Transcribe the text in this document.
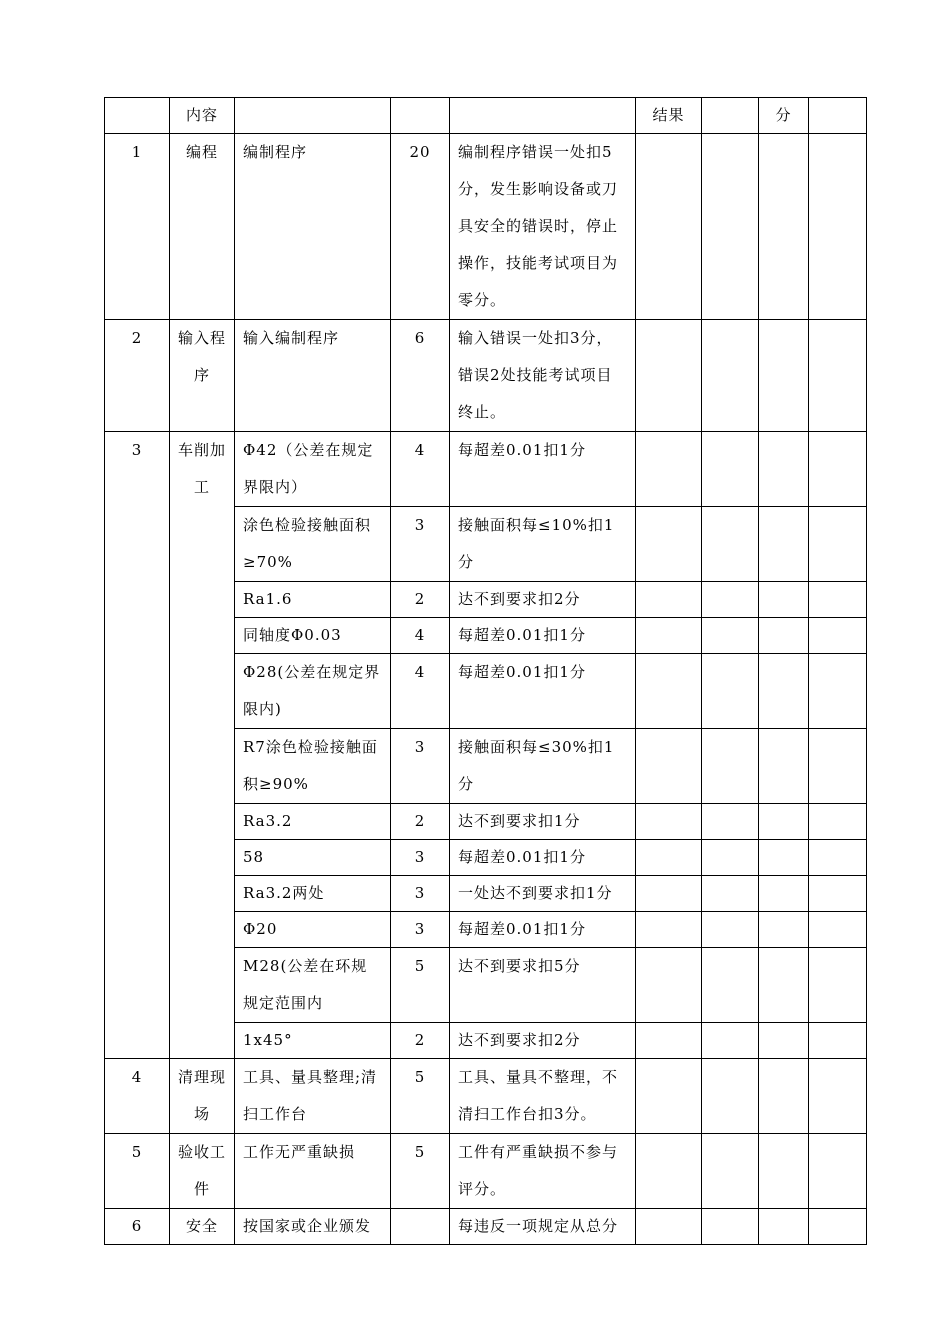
	内容				结果		分	
1	编程	编制程序	20	编制程序错误一处扣5分，发生影响设备或刀具安全的错误时，停止操作，技能考试项目为零分。				
2	输入程序	输入编制程序	6	输入错误一处扣3分，错误2处技能考试项目终止。				
3	车削加工	Φ42（公差在规定界限内）	4	每超差0.01扣1分				
		涂色检验接触面积≥70%	3	接触面积每≤10%扣1分				
		Ra1.6	2	达不到要求扣2分				
		同轴度Φ0.03	4	每超差0.01扣1分				
		Φ28(公差在规定界限内)	4	每超差0.01扣1分				
		R7涂色检验接触面积≥90%	3	接触面积每≤30%扣1分				
		Ra3.2	2	达不到要求扣1分				
		58	3	每超差0.01扣1分				
		Ra3.2两处	3	一处达不到要求扣1分				
		Φ20	3	每超差0.01扣1分				
		M28(公差在环规规定范围内	5	达不到要求扣5分				
		1x45°	2	达不到要求扣2分				
4	清理现场	工具、量具整理;清扫工作台	5	工具、量具不整理，不清扫工作台扣3分。				
5	验收工件	工作无严重缺损	5	工件有严重缺损不参与评分。				
6	安全	按国家或企业颁发		每违反一项规定从总分				
